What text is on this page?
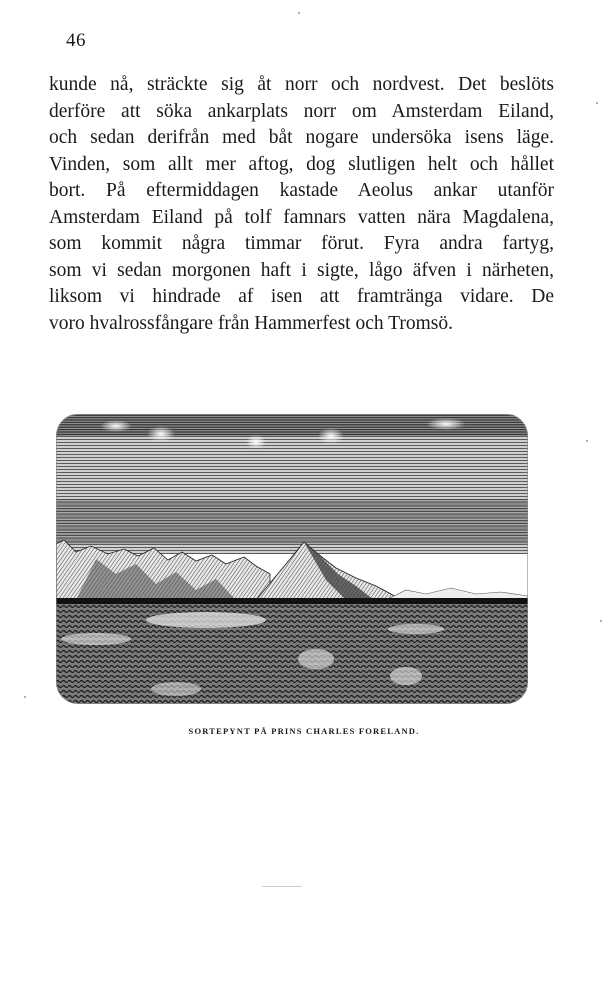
46
kunde nå, sträckte sig åt norr och nordvest. Det beslöts
derföre att söka ankarplats norr om Amsterdam Eiland,
och sedan derifrån med båt nogare undersöka isens läge.
Vinden, som allt mer aftog, dog slutligen helt och hållet
bort. På eftermiddagen kastade Aeolus ankar utanför
Amsterdam Eiland på tolf famnars vatten nära Magdalena,
som kommit några timmar förut. Fyra andra fartyg,
som vi sedan morgonen haft i sigte, lågo äfven i närheten,
liksom vi hindrade af isen att framtränga vidare. De
voro hvalrossfångare från Hammerfest och Tromsö.
SORTEPYNT PÅ PRINS CHARLES FORELAND.
